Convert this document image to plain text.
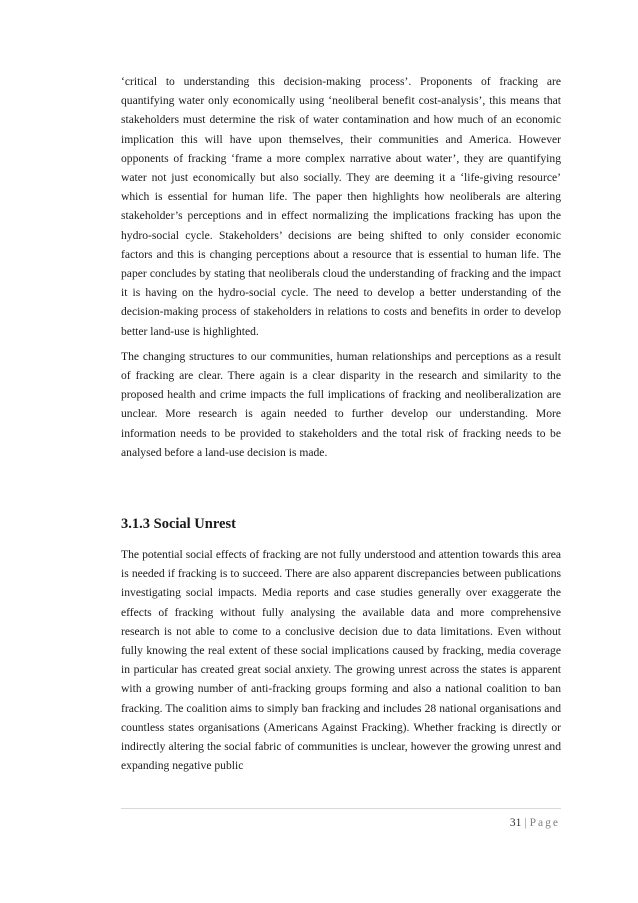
‘critical to understanding this decision-making process’. Proponents of fracking are quantifying water only economically using ‘neoliberal benefit cost-analysis’, this means that stakeholders must determine the risk of water contamination and how much of an economic implication this will have upon themselves, their communities and America. However opponents of fracking ‘frame a more complex narrative about water’, they are quantifying water not just economically but also socially. They are deeming it a ‘life-giving resource’ which is essential for human life. The paper then highlights how neoliberals are altering stakeholder’s perceptions and in effect normalizing the implications fracking has upon the hydro-social cycle. Stakeholders’ decisions are being shifted to only consider economic factors and this is changing perceptions about a resource that is essential to human life. The paper concludes by stating that neoliberals cloud the understanding of fracking and the impact it is having on the hydro-social cycle. The need to develop a better understanding of the decision-making process of stakeholders in relations to costs and benefits in order to develop better land-use is highlighted.

The changing structures to our communities, human relationships and perceptions as a result of fracking are clear. There again is a clear disparity in the research and similarity to the proposed health and crime impacts the full implications of fracking and neoliberalization are unclear. More research is again needed to further develop our understanding. More information needs to be provided to stakeholders and the total risk of fracking needs to be analysed before a land-use decision is made.

3.1.3 Social Unrest

The potential social effects of fracking are not fully understood and attention towards this area is needed if fracking is to succeed. There are also apparent discrepancies between publications investigating social impacts. Media reports and case studies generally over exaggerate the effects of fracking without fully analysing the available data and more comprehensive research is not able to come to a conclusive decision due to data limitations. Even without fully knowing the real extent of these social implications caused by fracking, media coverage in particular has created great social anxiety. The growing unrest across the states is apparent with a growing number of anti-fracking groups forming and also a national coalition to ban fracking. The coalition aims to simply ban fracking and includes 28 national organisations and countless states organisations (Americans Against Fracking). Whether fracking is directly or indirectly altering the social fabric of communities is unclear, however the growing unrest and expanding negative public

31 | Page
